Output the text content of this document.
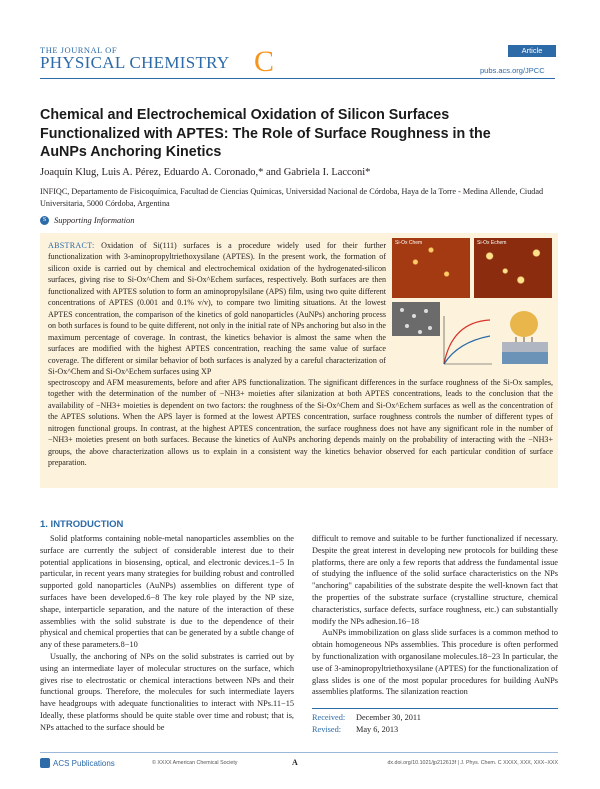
THE JOURNAL OF
PHYSICAL CHEMISTRY C	Article
pubs.acs.org/JPCC
Chemical and Electrochemical Oxidation of Silicon Surfaces Functionalized with APTES: The Role of Surface Roughness in the AuNPs Anchoring Kinetics
Joaquín Klug, Luis A. Pérez, Eduardo A. Coronado,* and Gabriela I. Lacconi*
INFIQC, Departamento de Fisicoquímica, Facultad de Ciencias Químicas, Universidad Nacional de Córdoba, Haya de la Torre - Medina Allende, Ciudad Universitaria, 5000 Córdoba, Argentina
S Supporting Information
ABSTRACT: Oxidation of Si(111) surfaces is a procedure widely used for their further functionalization with 3-aminopropyltriethoxysilane (APTES). In the present work, the formation of silicon oxide is carried out by chemical and electrochemical oxidation of the hydrogenated-silicon surfaces, giving rise to Si-Ox^Chem and Si-Ox^Echem surfaces, respectively. Both surfaces are then functionalized with APTES solution to form an aminopropylsilane (APS) film, using two quite different concentrations of APTES (0.001 and 0.1% v/v), to compare two limiting situations. At the lowest APTES concentration, the comparison of the kinetics of gold nanoparticles (AuNPs) anchoring process on both surfaces is found to be quite different, not only in the initial rate of NPs anchoring but also in the maximum percentage of coverage. In contrast, the kinetics behavior is almost the same when the surfaces are modified with the highest APTES concentration, reaching the same value of surface coverage. The different or similar behavior of both surfaces is analyzed by a careful characterization of Si-Ox^Chem and Si-Ox^Echem surfaces using XP
spectroscopy and AFM measurements, before and after APS functionalization. The significant differences in the surface roughness of the Si-Ox samples, together with the determination of the number of −NH3+ moieties after silanization at both APTES concentrations, leads to the conclusion that the availability of −NH3+ moieties is dependent on two factors: the roughness of the Si-Ox^Chem and Si-Ox^Echem surfaces as well as the concentration of the APTES solutions. When the APS layer is formed at the lowest APTES concentration, surface roughness controls the number of different types of nitrogen functional groups. In contrast, at the highest APTES concentration, the surface roughness does not have any significant role in the number of −NH3+ moieties present on both surfaces. Because the kinetics of AuNPs anchoring depends mainly on the probability of interacting with the −NH3+ groups, the above characterization allows us to explain in a consistent way the kinetics behavior observed for each particular condition of surface preparation.
Si-Ox Chem	Si-Ox Echem
1. INTRODUCTION

Solid platforms containing noble-metal nanoparticles assemblies on the surface are currently the subject of considerable interest due to their potential applications in biosensing, optical, and electronic devices.1−5 In particular, in recent years many strategies for building robust and controlled supported gold nanoparticles (AuNPs) assemblies on different type of surfaces have been developed.6−8 The key role played by the NP size, shape, interparticle separation, and the nature of the interaction of these assemblies with the solid substrate is due to the dependence of their physical and chemical properties that can be generated by a subtle change of any of these parameters.8−10

Usually, the anchoring of NPs on the solid substrates is carried out by using an intermediate layer of molecular structures on the surface, which gives rise to electrostatic or chemical interactions between NPs and their functional groups. Therefore, the molecules for such intermediate layers have headgroups with adequate functionalities to interact with NPs.11−15 Ideally, these platforms should be quite stable over time and robust; that is, NPs attached to the surface should be

difficult to remove and suitable to be further functionalized if necessary. Despite the great interest in developing new protocols for building these platforms, there are only a few reports that address the fundamental issue of studying the influence of the solid surface characteristics on the NPs "anchoring" capabilities of the substrate despite the well-known fact that the properties of the substrate surface (crystalline structure, chemical characteristics, surface defects, surface roughness, etc.) can substantially modify the NPs adhesion.16−18

AuNPs immobilization on glass slide surfaces is a common method to obtain homogeneous NPs assemblies. This procedure is often performed by functionalization with organosilane molecules.18−23 In particular, the use of 3-aminopropyltriethoxysilane (APTES) for the functionalization of glass slides is one of the most popular procedures for building AuNPs assemblies platforms. The silanization reaction

Received: December 30, 2011
Revised: May 6, 2013
ACS Publications	© XXXX American Chemical Society	A	dx.doi.org/10.1021/jp212613f | J. Phys. Chem. C XXXX, XXX, XXX−XXX
